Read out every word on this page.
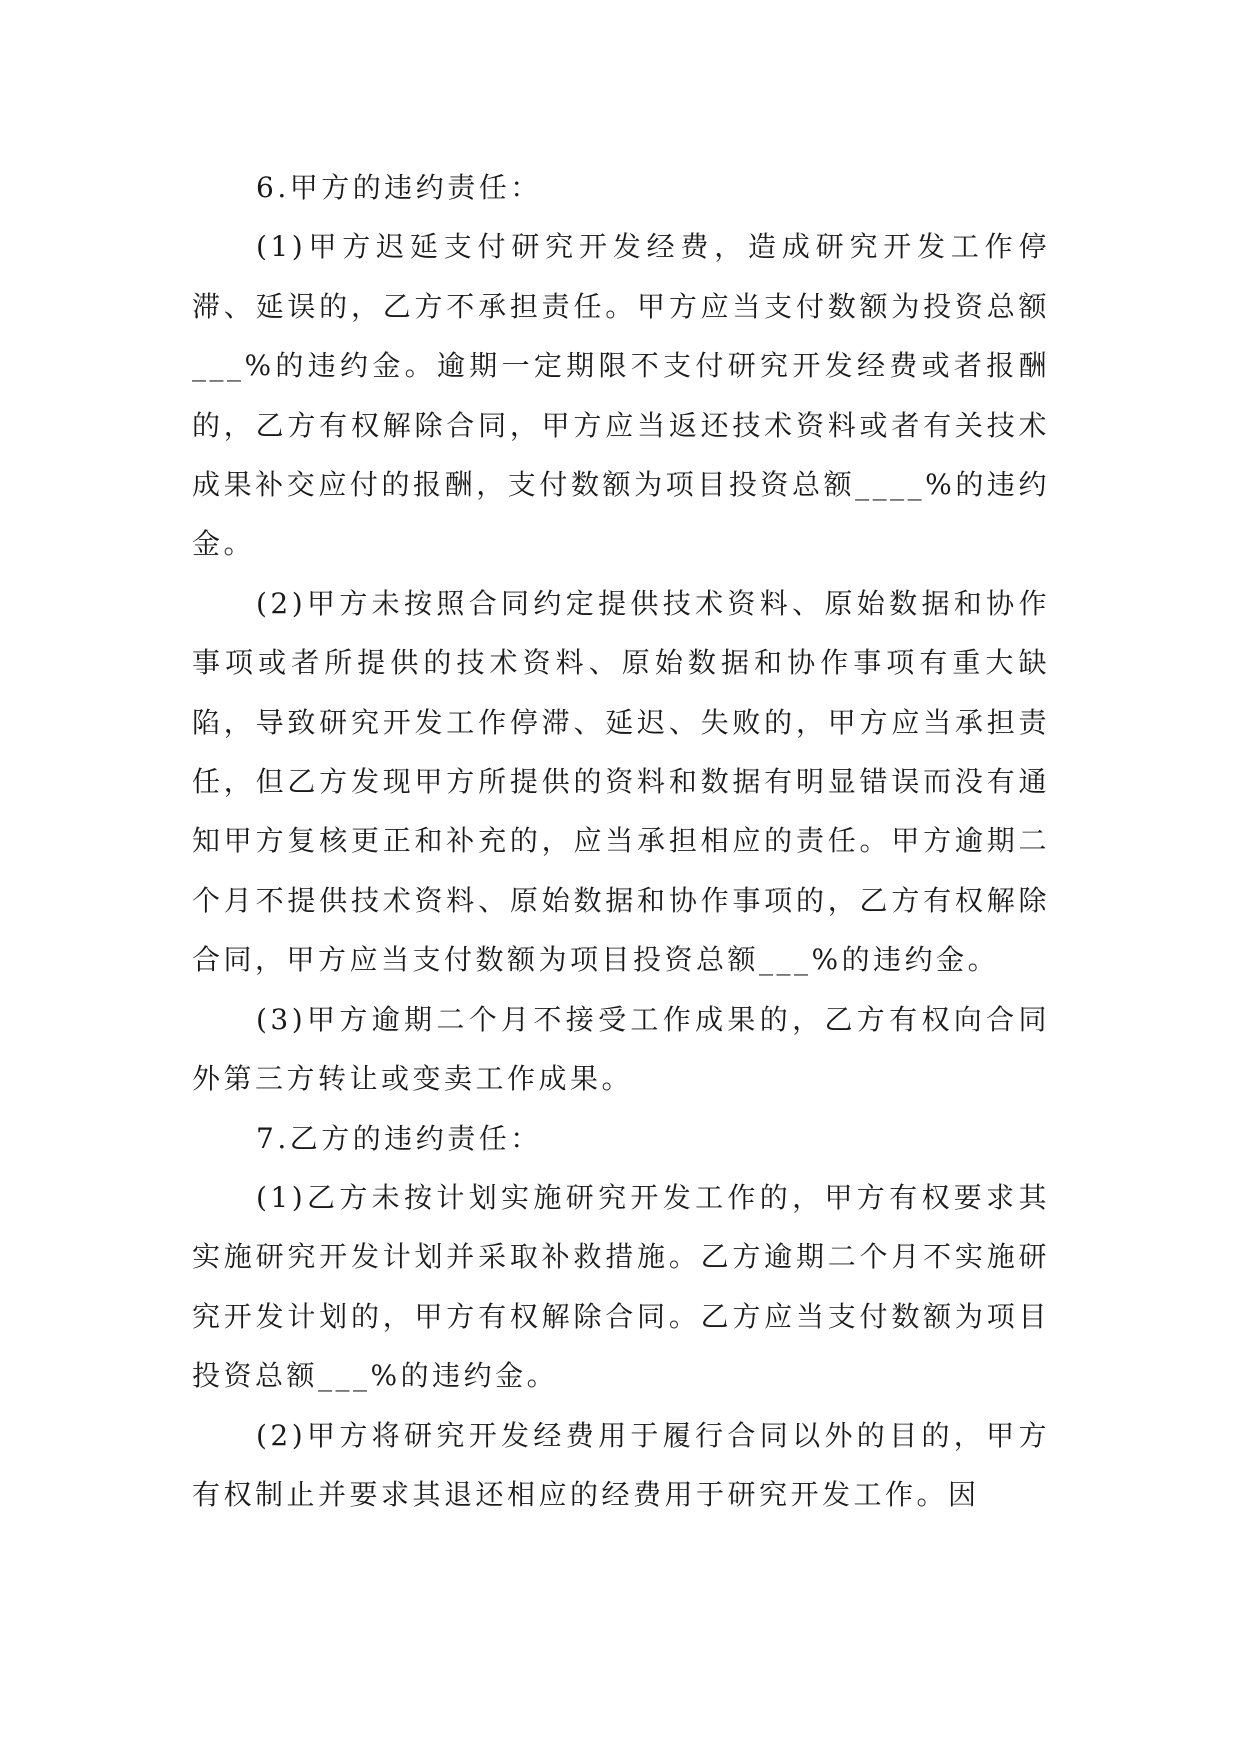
6.甲方的违约责任：

(1)甲方迟延支付研究开发经费，造成研究开发工作停滞、延误的，乙方不承担责任。甲方应当支付数额为投资总额___%的违约金。逾期一定期限不支付研究开发经费或者报酬的，乙方有权解除合同，甲方应当返还技术资料或者有关技术成果补交应付的报酬，支付数额为项目投资总额____%的违约金。

(2)甲方未按照合同约定提供技术资料、原始数据和协作事项或者所提供的技术资料、原始数据和协作事项有重大缺陷，导致研究开发工作停滞、延迟、失败的，甲方应当承担责任，但乙方发现甲方所提供的资料和数据有明显错误而没有通知甲方复核更正和补充的，应当承担相应的责任。甲方逾期二个月不提供技术资料、原始数据和协作事项的，乙方有权解除合同，甲方应当支付数额为项目投资总额___%的违约金。

(3)甲方逾期二个月不接受工作成果的，乙方有权向合同外第三方转让或变卖工作成果。

7.乙方的违约责任：

(1)乙方未按计划实施研究开发工作的，甲方有权要求其实施研究开发计划并采取补救措施。乙方逾期二个月不实施研究开发计划的，甲方有权解除合同。乙方应当支付数额为项目投资总额___%的违约金。

(2)甲方将研究开发经费用于履行合同以外的目的，甲方有权制止并要求其退还相应的经费用于研究开发工作。因
